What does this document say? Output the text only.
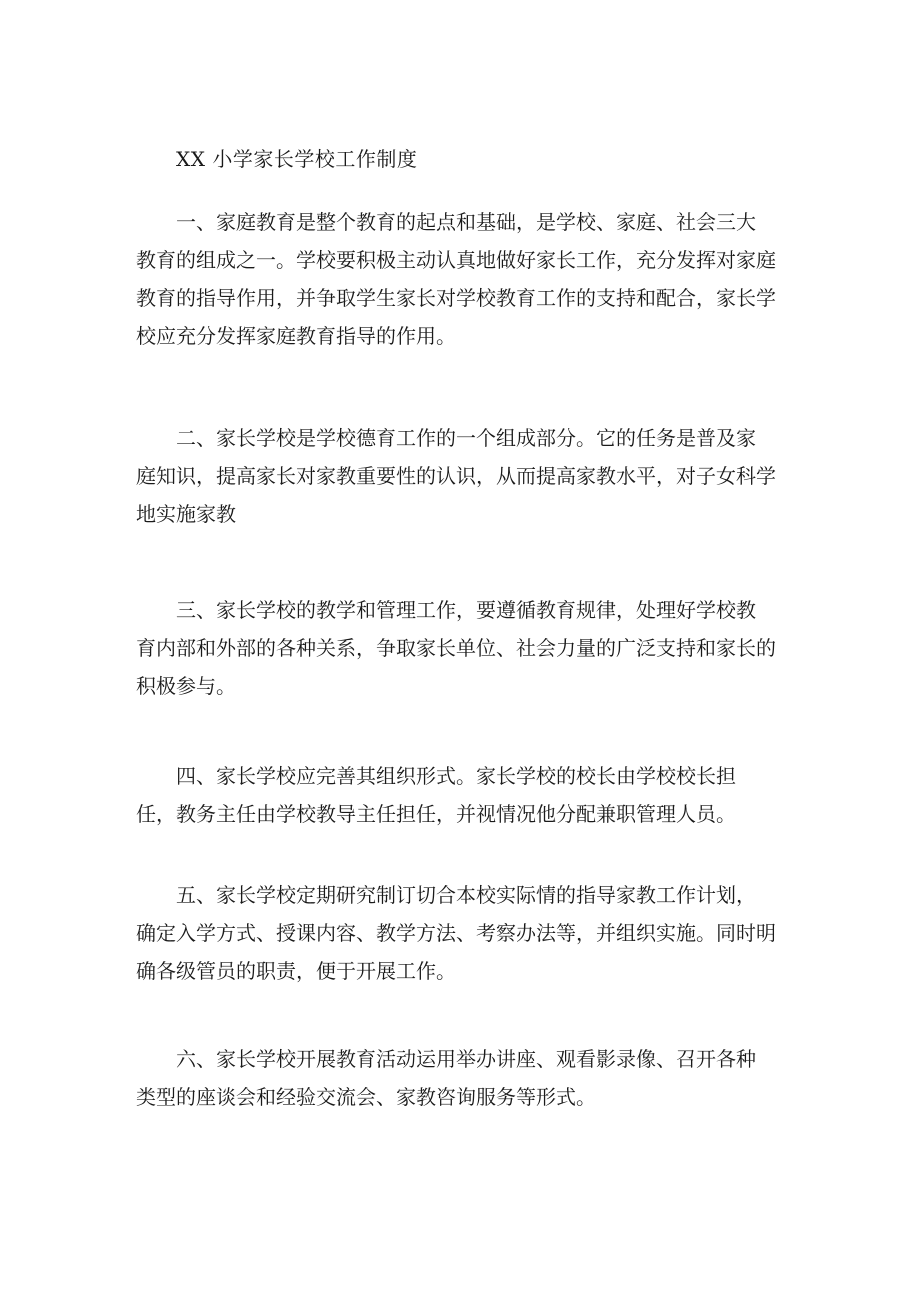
XX 小学家长学校工作制度
一、家庭教育是整个教育的起点和基础，是学校、家庭、社会三大
教育的组成之一。学校要积极主动认真地做好家长工作，充分发挥对家庭
教育的指导作用，并争取学生家长对学校教育工作的支持和配合，家长学
校应充分发挥家庭教育指导的作用。
二、家长学校是学校德育工作的一个组成部分。它的任务是普及家
庭知识，提高家长对家教重要性的认识，从而提高家教水平，对子女科学
地实施家教
三、家长学校的教学和管理工作，要遵循教育规律，处理好学校教
育内部和外部的各种关系，争取家长单位、社会力量的广泛支持和家长的
积极参与。
四、家长学校应完善其组织形式。家长学校的校长由学校校长担
任，教务主任由学校教导主任担任，并视情况他分配兼职管理人员。
五、家长学校定期研究制订切合本校实际情的指导家教工作计划，
确定入学方式、授课内容、教学方法、考察办法等，并组织实施。同时明
确各级管员的职责，便于开展工作。
六、家长学校开展教育活动运用举办讲座、观看影录像、召开各种
类型的座谈会和经验交流会、家教咨询服务等形式。
